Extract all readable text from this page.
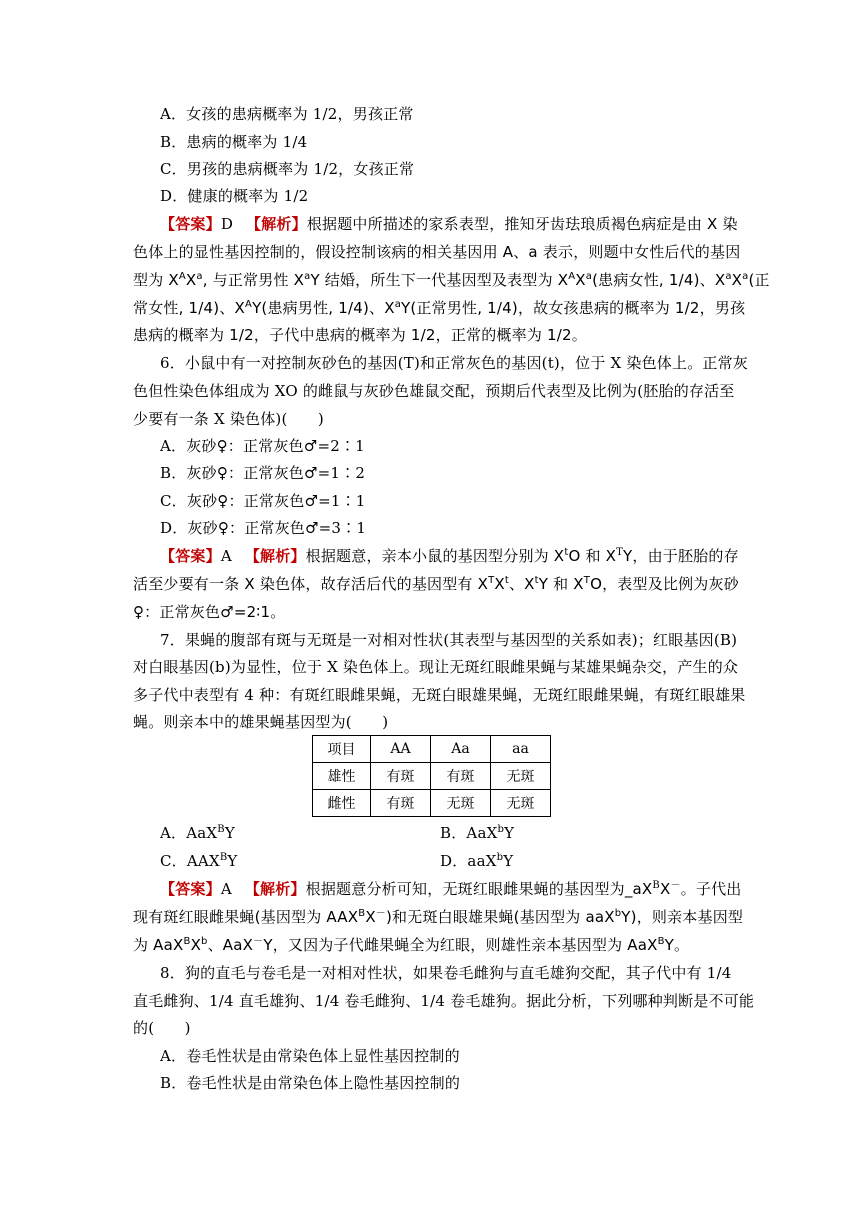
A．女孩的患病概率为 1/2，男孩正常
B．患病的概率为 1/4
C．男孩的患病概率为 1/2，女孩正常
D．健康的概率为 1/2
【答案】D 【解析】根据题中所描述的家系表型，推知牙齿珐琅质褐色病症是由 X 染
色体上的显性基因控制的，假设控制该病的相关基因用 A、a 表示，则题中女性后代的基因
型为 $X^AX^a$, 与正常男性 $X^aY$ 结婚，所生下一代基因型及表型为 $X^AX^a$(患病女性, 1/4)、$X^aX^a$(正
常女性, 1/4)、$X^AY$(患病男性, 1/4)、$X^aY$(正常男性, 1/4)，故女孩患病的概率为 1/2，男孩
患病的概率为 1/2，子代中患病的概率为 1/2，正常的概率为 1/2。
6．小鼠中有一对控制灰砂色的基因(T)和正常灰色的基因(t)，位于 X 染色体上。正常灰
色但性染色体组成为 XO 的雌鼠与灰砂色雄鼠交配，预期后代表型及比例为(胚胎的存活至
少要有一条 X 染色体)(　　)
A．灰砂♀：正常灰色♂=2∶1
B．灰砂♀：正常灰色♂=1∶2
C．灰砂♀：正常灰色♂=1∶1
D．灰砂♀：正常灰色♂=3∶1
【答案】A 【解析】根据题意，亲本小鼠的基因型分别为 $X^tO$ 和 $X^TY$，由于胚胎的存
活至少要有一条 X 染色体，故存活后代的基因型有 $X^TX^t$、$X^tY$ 和 $X^TO$，表型及比例为灰砂
♀：正常灰色♂=2∶1。
7．果蝇的腹部有斑与无斑是一对相对性状(其表型与基因型的关系如表)；红眼基因(B)
对白眼基因(b)为显性，位于 X 染色体上。现让无斑红眼雌果蝇与某雄果蝇杂交，产生的众
多子代中表型有 4 种：有斑红眼雌果蝇，无斑白眼雄果蝇，无斑红眼雌果蝇，有斑红眼雄果
蝇。则亲本中的雄果蝇基因型为(　　)
项目	AA	Aa	aa
雄性	有斑	有斑	无斑
雌性	有斑	无斑	无斑
A．AaX$^B$Y	B．AaX$^b$Y
C．$AAX^BY$	D．aaX$^b$Y
【答案】A 【解析】根据题意分析可知，无斑红眼雌果蝇的基因型为$\_aX^BX^-$。子代出
现有斑红眼雌果蝇(基因型为 $AAX^BX^-$)和无斑白眼雄果蝇(基因型为 aaX$^b$Y)，则亲本基因型
为 $AaX^BX^b$、AaX－Y，又因为子代雌果蝇全为红眼，则雄性亲本基因型为 AaX$^B$Y。
8．狗的直毛与卷毛是一对相对性状，如果卷毛雌狗与直毛雄狗交配，其子代中有 1/4
直毛雌狗、1/4 直毛雄狗、1/4 卷毛雌狗、1/4 卷毛雄狗。据此分析，下列哪种判断是不可能
的(　　)
A．卷毛性状是由常染色体上显性基因控制的
B．卷毛性状是由常染色体上隐性基因控制的
